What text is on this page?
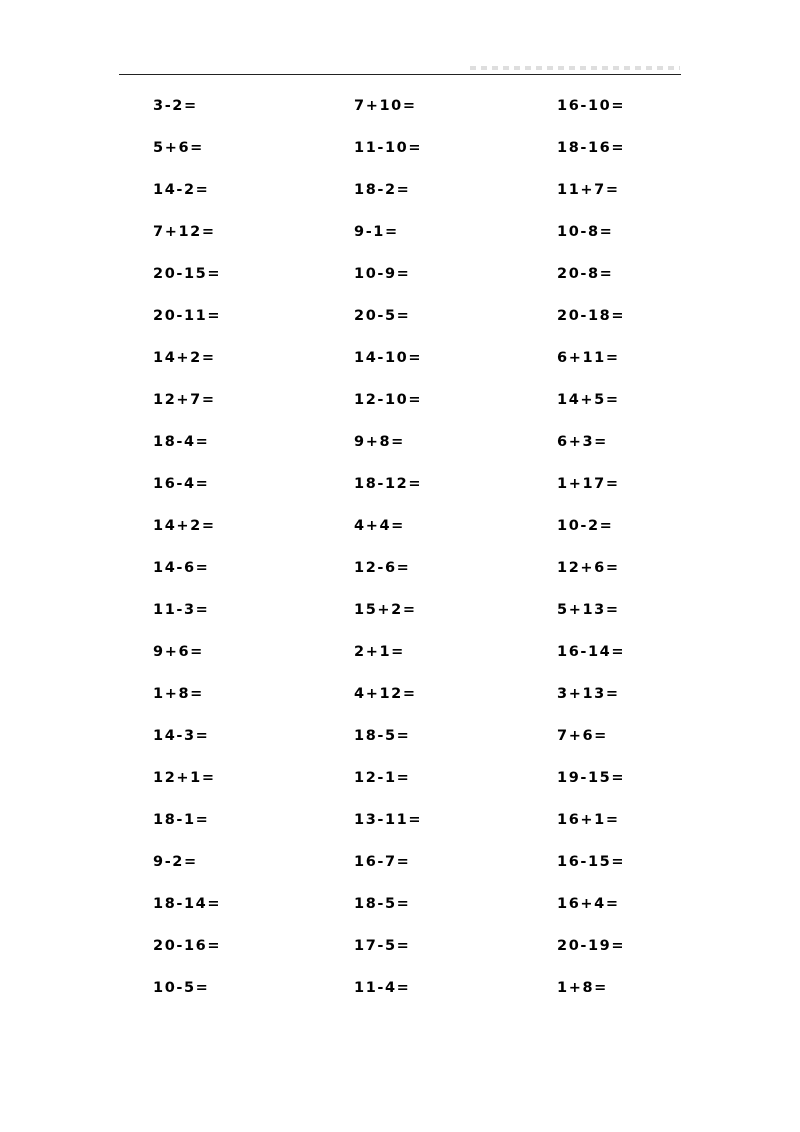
3-2=	7+10=	16-10=
5+6=	11-10=	18-16=
14-2=	18-2=	11+7=
7+12=	9-1=	10-8=
20-15=	10-9=	20-8=
20-11=	20-5=	20-18=
14+2=	14-10=	6+11=
12+7=	12-10=	14+5=
18-4=	9+8=	6+3=
16-4=	18-12=	1+17=
14+2=	4+4=	10-2=
14-6=	12-6=	12+6=
11-3=	15+2=	5+13=
9+6=	2+1=	16-14=
1+8=	4+12=	3+13=
14-3=	18-5=	7+6=
12+1=	12-1=	19-15=
18-1=	13-11=	16+1=
9-2=	16-7=	16-15=
18-14=	18-5=	16+4=
20-16=	17-5=	20-19=
10-5=	11-4=	1+8=
